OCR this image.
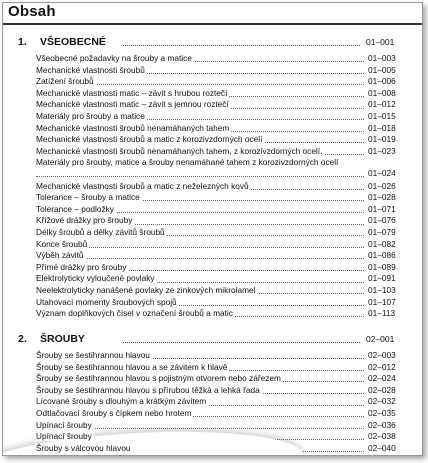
Obsah
1. VŠEOBECNÉ	01–001
Všeobecné požadavky na šrouby a matice	01–003
Mechanické vlastnosti šroubů	01–005
Zatížení šroubů	01–006
Mechanické vlastnosti matic – závit s hrubou roztečí	01–008
Mechanické vlastnosti matic – závit s jemnou roztečí	01–012
Materiály pro šrouby a matice	01–015
Mechanické vlastnosti šroubů nenamáhaných tahem	01–018
Mechanické vlastnosti šroubů a matic z korozivzdorných ocelí	01–019
Mechanické vlastnosti šroubů nenamáhaných tahem, z korozivzdorných ocelí.	01–023
Materiály pro šrouby, matice a šrouby nenamáhané tahem z korozivzdorných ocelí
01–024
Mechanické vlastnosti šroubů a matic z neželezných kovů	01–026
Tolerance – šrouby a matice	01–028
Tolerance – podložky	01–071
Křížové drážky pro šrouby	01–076
Délky šroubů a délky závitů šroubů	01–079
Konce šroubů	01–082
Výběh závitů	01–086
Přímé drážky pro šrouby	01–089
Elektrolyticky vyloučené povlaky	01–091
Neelektrolyticky nanášené povlaky ze zinkových mikrolamel	01–103
Utahovací momenty šroubových spojů	01–107
Význam doplňkových čísel v označení šroubů a matic	01–113
2. ŠROUBY	02–001
Šrouby se šestihrannou hlavou	02–003
Šrouby se šestihrannou hlavou a se závitem k hlavě	02–012
Šrouby se šestihrannou hlavou s pojistným otvorem nebo zářezem	02–024
Šrouby se šestihrannou hlavou s přírubou těžká a lehká řada	02–028
Lícované šrouby s dlouhým a krátkým závitem	02–032
Odtlačovací šrouby s čípkem nebo hrotem	02–035
Upínací šrouby	02–036
Upínací šrouby	02–038
Šrouby s válcovou hlavou	02–040
